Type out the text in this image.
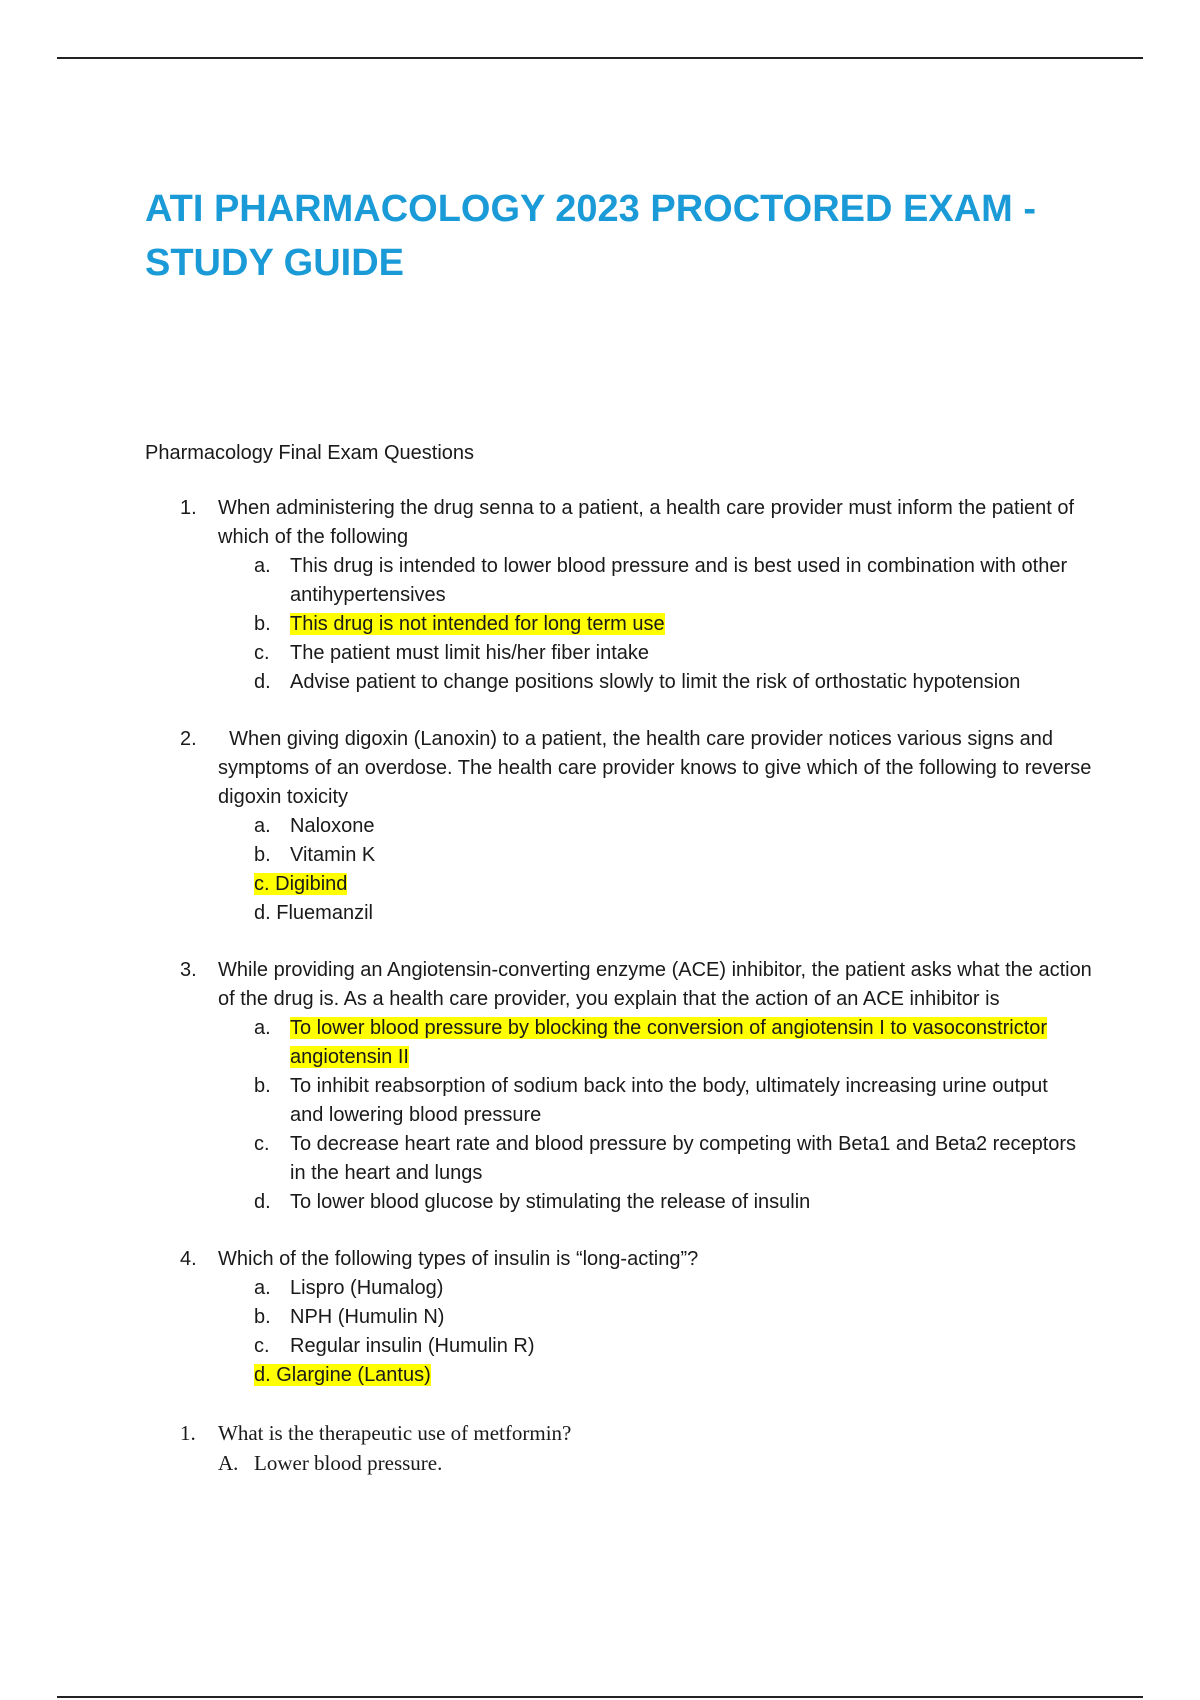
ATI PHARMACOLOGY 2023 PROCTORED EXAM - STUDY GUIDE

Pharmacology Final Exam Questions

1. When administering the drug senna to a patient, a health care provider must inform the patient of which of the following
a. This drug is intended to lower blood pressure and is best used in combination with other antihypertensives
b. This drug is not intended for long term use
c. The patient must limit his/her fiber intake
d. Advise patient to change positions slowly to limit the risk of orthostatic hypotension
2. When giving digoxin (Lanoxin) to a patient, the health care provider notices various signs and symptoms of an overdose. The health care provider knows to give which of the following to reverse digoxin toxicity
a. Naloxone
b. Vitamin K
c. Digibind
d. Fluemanzil
3. While providing an Angiotensin-converting enzyme (ACE) inhibitor, the patient asks what the action of the drug is. As a health care provider, you explain that the action of an ACE inhibitor is
a. To lower blood pressure by blocking the conversion of angiotensin I to vasoconstrictor angiotensin II
b. To inhibit reabsorption of sodium back into the body, ultimately increasing urine output and lowering blood pressure
c. To decrease heart rate and blood pressure by competing with Beta1 and Beta2 receptors in the heart and lungs
d. To lower blood glucose by stimulating the release of insulin
4. Which of the following types of insulin is “long-acting”?
a. Lispro (Humalog)
b. NPH (Humulin N)
c. Regular insulin (Humulin R)
d. Glargine (Lantus)
1. What is the therapeutic use of metformin?
A. Lower blood pressure.
